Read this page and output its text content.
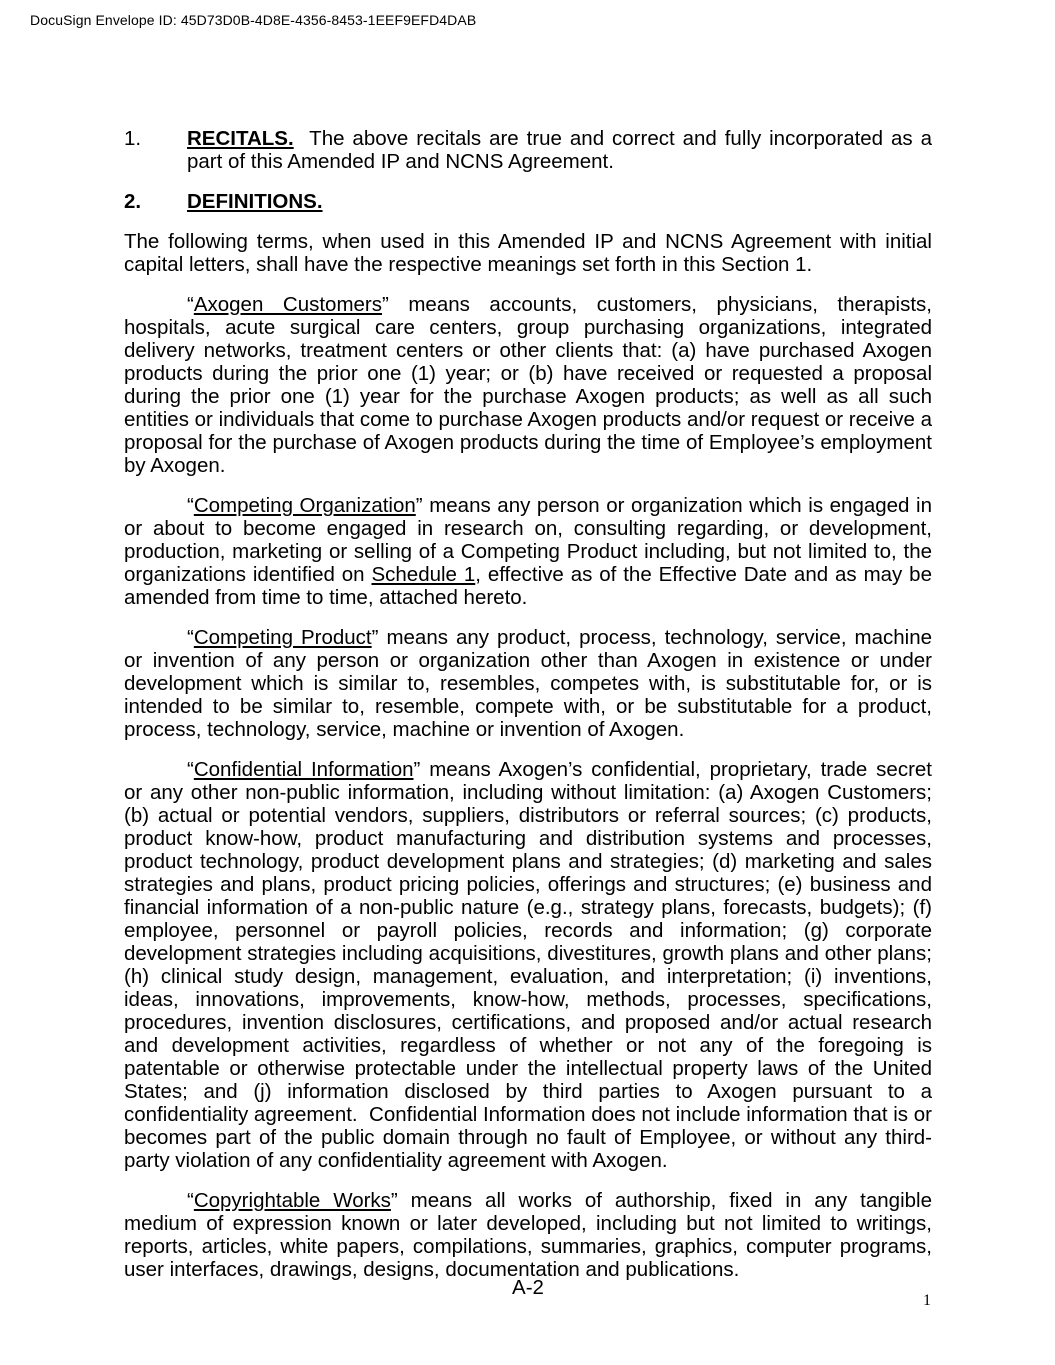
DocuSign Envelope ID: 45D73D0B-4D8E-4356-8453-1EEF9EFD4DAB

1. RECITALS.  The above recitals are true and correct and fully incorporated as a part of this Amended IP and NCNS Agreement.

2. DEFINITIONS.

The following terms, when used in this Amended IP and NCNS Agreement with initial capital letters, shall have the respective meanings set forth in this Section 1.

“Axogen Customers” means accounts, customers, physicians, therapists, hospitals, acute surgical care centers, group purchasing organizations, integrated delivery networks, treatment centers or other clients that: (a) have purchased Axogen products during the prior one (1) year; or (b) have received or requested a proposal during the prior one (1) year for the purchase Axogen products; as well as all such entities or individuals that come to purchase Axogen products and/or request or receive a proposal for the purchase of Axogen products during the time of Employee’s employment by Axogen.

“Competing Organization” means any person or organization which is engaged in or about to become engaged in research on, consulting regarding, or development, production, marketing or selling of a Competing Product including, but not limited to, the organizations identified on Schedule 1, effective as of the Effective Date and as may be amended from time to time, attached hereto.

“Competing Product” means any product, process, technology, service, machine or invention of any person or organization other than Axogen in existence or under development which is similar to, resembles, competes with, is substitutable for, or is intended to be similar to, resemble, compete with, or be substitutable for a product, process, technology, service, machine or invention of Axogen.

“Confidential Information” means Axogen’s confidential, proprietary, trade secret or any other non-public information, including without limitation: (a) Axogen Customers; (b) actual or potential vendors, suppliers, distributors or referral sources; (c) products, product know-how, product manufacturing and distribution systems and processes, product technology, product development plans and strategies; (d) marketing and sales strategies and plans, product pricing policies, offerings and structures; (e) business and financial information of a non-public nature (e.g., strategy plans, forecasts, budgets); (f) employee, personnel or payroll policies, records and information; (g) corporate development strategies including acquisitions, divestitures, growth plans and other plans; (h) clinical study design, management, evaluation, and interpretation; (i) inventions, ideas, innovations, improvements, know-how, methods, processes, specifications, procedures, invention disclosures, certifications, and proposed and/or actual research and development activities, regardless of whether or not any of the foregoing is patentable or otherwise protectable under the intellectual property laws of the United States; and (j) information disclosed by third parties to Axogen pursuant to a confidentiality agreement.  Confidential Information does not include information that is or becomes part of the public domain through no fault of Employee, or without any third-party violation of any confidentiality agreement with Axogen.

“Copyrightable Works” means all works of authorship, fixed in any tangible medium of expression known or later developed, including but not limited to writings, reports, articles, white papers, compilations, summaries, graphics, computer programs, user interfaces, drawings, designs, documentation and publications.

A-2
1
